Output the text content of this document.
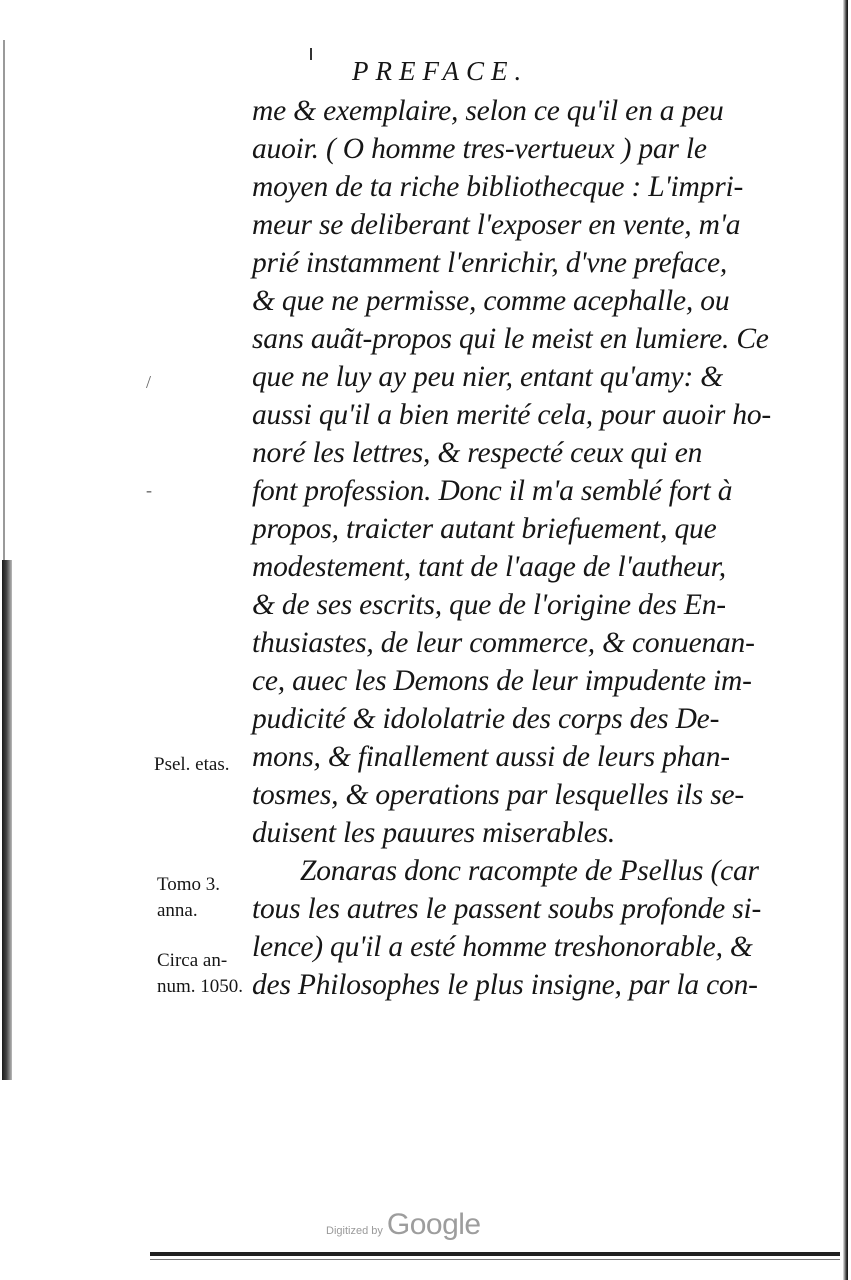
PREFACE.
me & exemplaire, selon ce qu'il en a peu
auoir. ( O homme tres-vertueux ) par le
moyen de ta riche bibliothecque : L'impri-
meur se deliberant l'exposer en vente, m'a
prié instamment l'enrichir, d'vne preface,
& que ne permisse, comme acephalle, ou
sans auãt-propos qui le meist en lumiere. Ce
que ne luy ay peu nier, entant qu'amy: &
aussi qu'il a bien merité cela, pour auoir ho-
noré les lettres, & respecté ceux qui en
font profession. Donc il m'a semblé fort à
propos, traicter autant briefuement, que
modestement, tant de l'aage de l'autheur,
& de ses escrits, que de l'origine des En-
thusiastes, de leur commerce, & conuenan-
ce, auec les Demons de leur impudente im-
pudicité & idololatrie des corps des De-
mons, & finallement aussi de leurs phan-
tosmes, & operations par lesquelles ils se-
duisent les pauures miserables.
Zonaras donc racompte de Psellus (car
tous les autres le passent soubs profonde si-
lence) qu'il a esté homme treshonorable, &
des Philosophes le plus insigne, par la con-
/
-
Psel. etas.
Tomo 3.
anna.
Circa an-
num. 1050.
Digitized by Google
